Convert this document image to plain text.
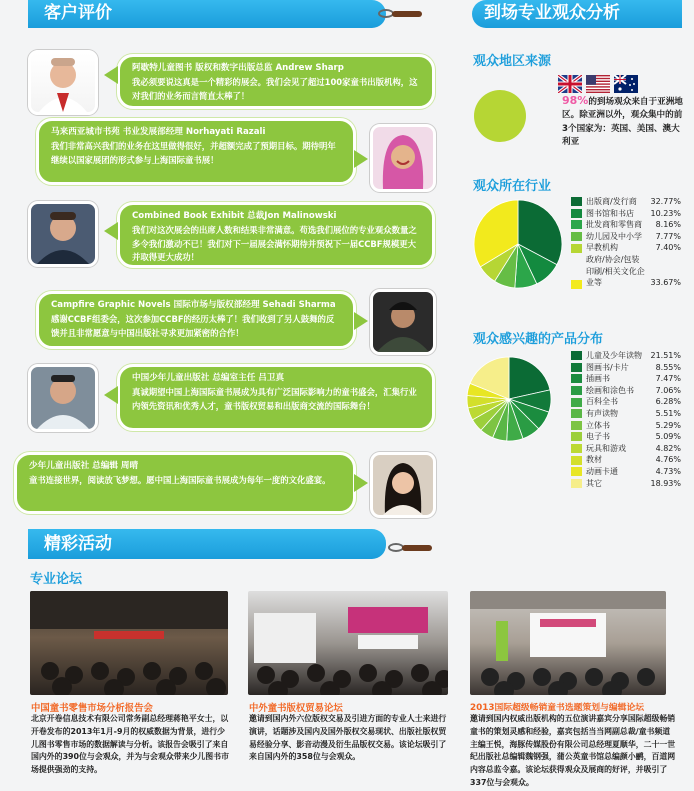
客户评价
阿歇特儿童图书 版权和数字出版总监 Andrew Sharp
我必须要说这真是一个精彩的展会。我们会见了超过100家童书出版机构，这对我们的业务而言简直太棒了！
马来西亚城市书苑 书业发展部经理 Norhayati Razali
我们非常高兴我们的业务在这里做得很好，并超额完成了预期目标。期待明年继续以国家展团的形式参与上海国际童书展！
Combined Book Exhibit 总裁Jon Malinowski
我们对这次展会的出席人数和结果非常满意。苟选我们展位的专业观众数量之多令我们激动不已！我们对下一届展会满怀期待并预祝下一届CCBF规模更大并取得更大成功！
Campfire Graphic Novels 国际市场与版权部经理 Sehadi Sharma
感谢CCBF组委会，这次参加CCBF的经历太棒了！我们收到了另人鼓舞的反馈并且非常愿意与中国出版社寻求更加紧密的合作！
中国少年儿童出版社 总编室主任 吕卫真
真诚期望中国上海国际童书展成为具有广泛国际影响力的童书盛会，汇集行业内领先资讯和优秀人才，童书版权贸易和出版商交流的国际舞台！
少年儿童出版社 总编辑 周晴
童书连接世界，阅读放飞梦想。愿中国上海国际童书展成为每年一度的文化盛宴。
精彩活动
专业论坛
中国童书零售市场分析报告会
北京开卷信息技术有限公司常务副总经理蒋艳平女士，以开卷发布的2013年1月-9月的权威数据为背景，进行少儿图书零售市场的数据解读与分析。该报告会吸引了来自国内外的390位与会观众，并为与会观众带来少儿图书市场提供强劲的支持。
中外童书版权贸易论坛
邀请到国内外六位版权交易及引进方面的专业人士来进行演讲，话题涉及国内及国外版权交易现状、出版社版权贸易经验分享、影音动漫及衍生品版权交易。该论坛吸引了来自国内外的358位与会观众。
2013国际超级畅销童书选题策划与编辑论坛
邀请到国内权威出版机构的五位演讲嘉宾分享国际超级畅销童书的策划灵感和经验，嘉宾包括当当网副总裁/童书频道主编王悦，海豚传媒股份有限公司总经理夏顺华，二十一世纪出版社总编辑魏钢强，蒲公英童书馆总编颜小鹂，百道网内容总监令嘉。该论坛获得观众及展商的好评，并吸引了337位与会观众。
到场专业观众分析
观众地区来源
98%的到场观众来自于亚洲地区。除亚洲以外，观众集中的前3个国家为：英国、美国、澳大利亚
观众所在行业
出版商/发行商	32.77%
图书馆和书店	10.23%
批发商和零售商	8.16%
幼儿园及中小学	7.77%
早教机构	7.40%
政府/协会/包装印刷/相关文化企业等	33.67%
观众感兴趣的产品分布
儿童及少年读物	21.51%
图画书/卡片	8.55%
插画书	7.47%
绘画和涂色书	7.06%
百科全书	6.28%
有声读物	5.51%
立体书	5.29%
电子书	5.09%
玩具和游戏	4.82%
教材	4.76%
动画卡通	4.73%
其它	18.93%
